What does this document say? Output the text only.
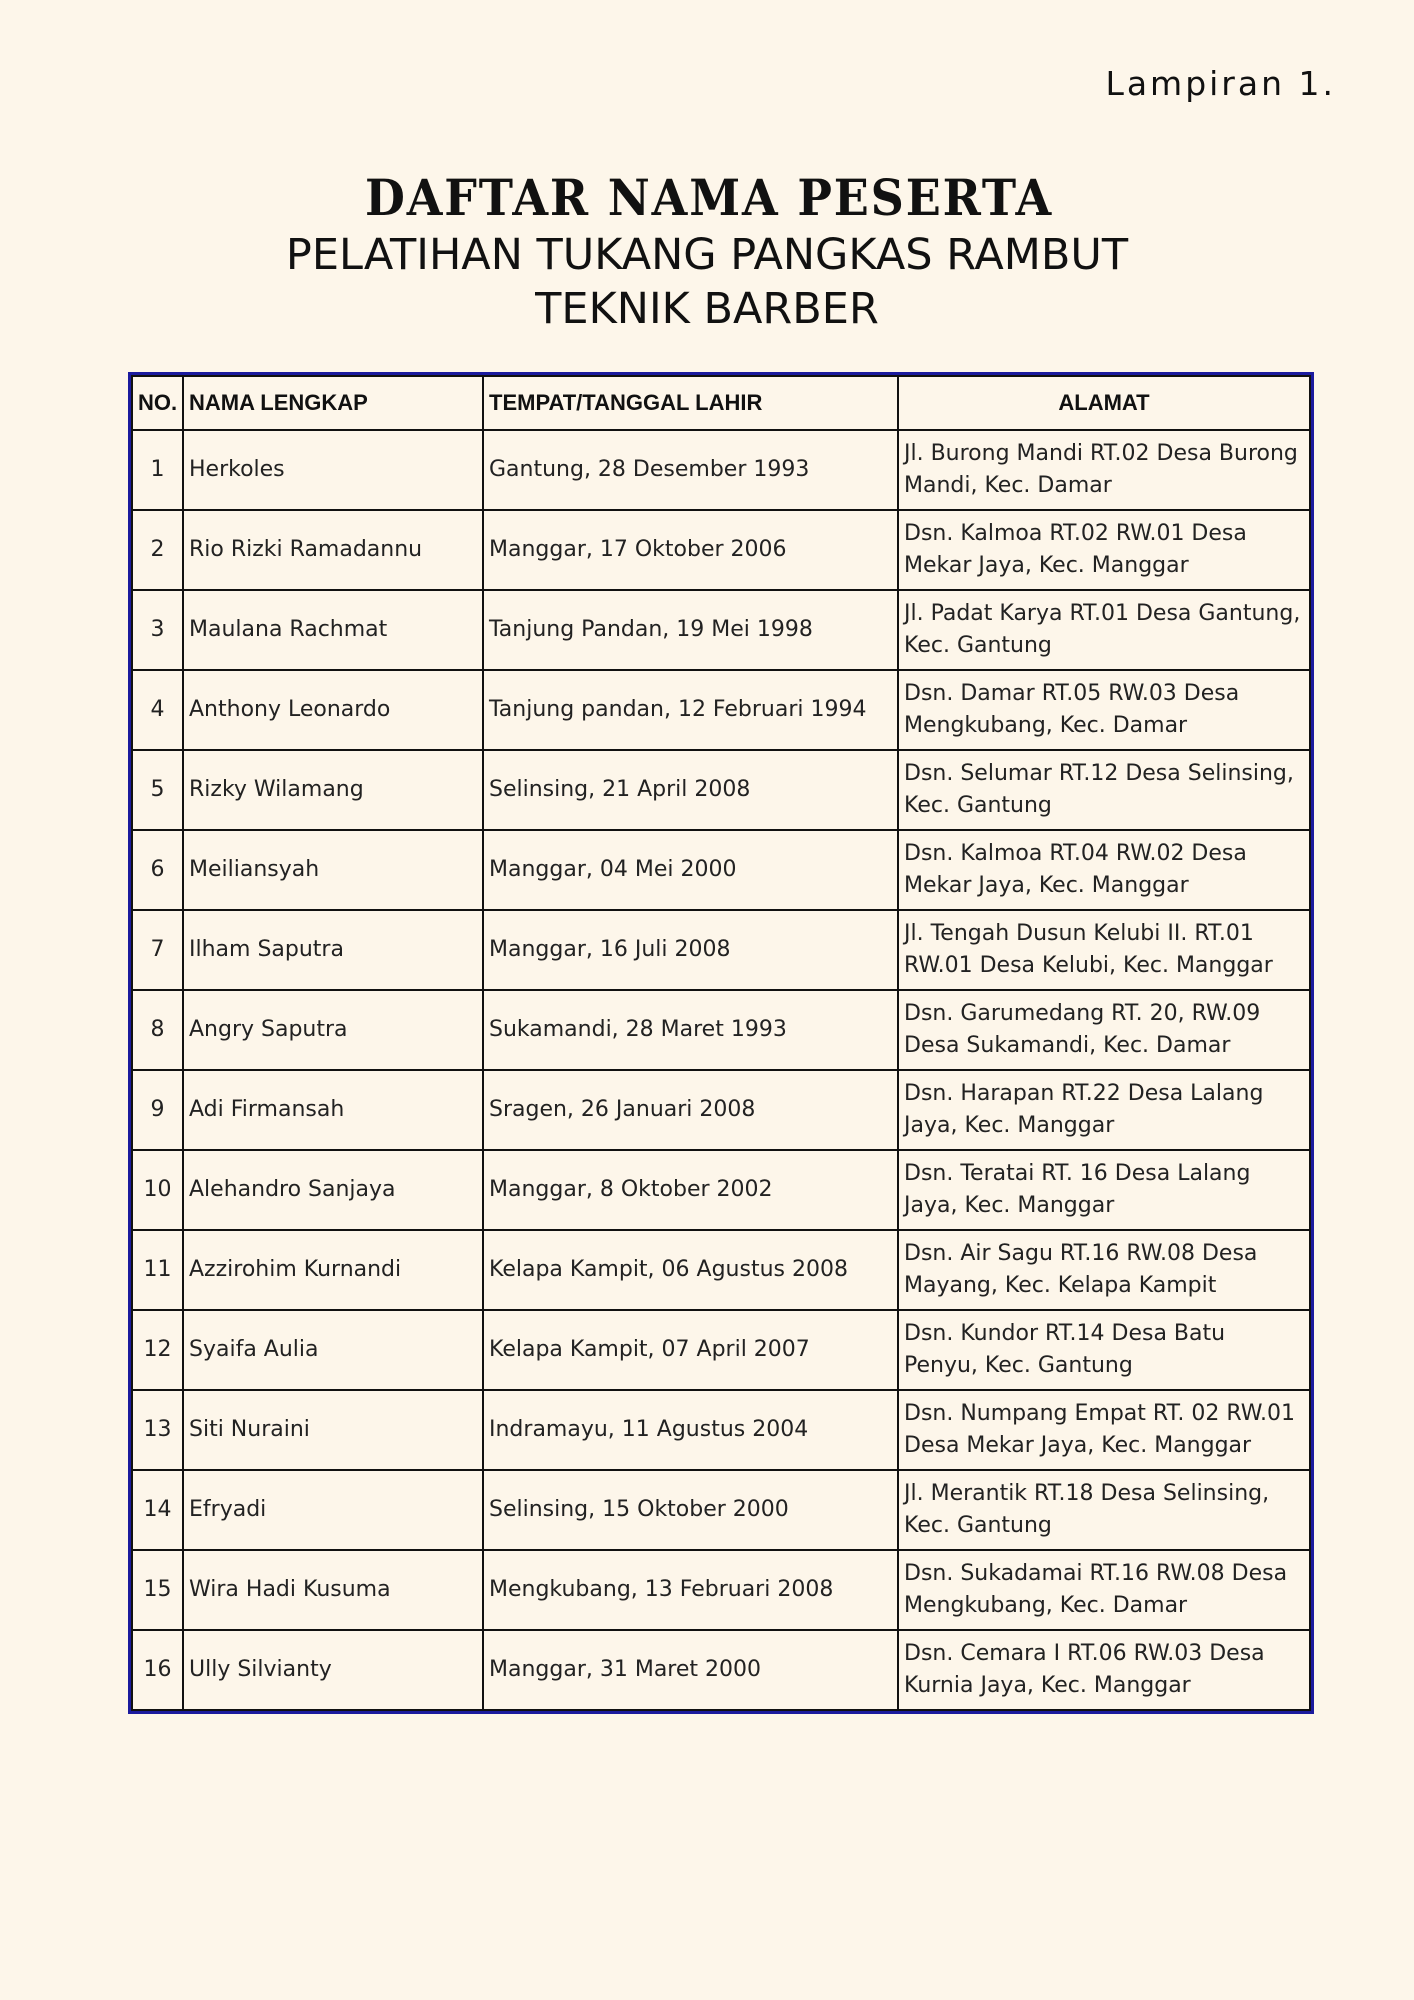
Lampiran 1.
DAFTAR NAMA PESERTA
PELATIHAN TUKANG PANGKAS RAMBUT
TEKNIK BARBER
NO.	NAMA LENGKAP	TEMPAT/TANGGAL LAHIR	ALAMAT
1	Herkoles	Gantung, 28 Desember 1993	Jl. Burong Mandi RT.02 Desa Burong Mandi, Kec. Damar
2	Rio Rizki Ramadannu	Manggar, 17 Oktober 2006	Dsn. Kalmoa RT.02 RW.01 Desa Mekar Jaya, Kec. Manggar
3	Maulana Rachmat	Tanjung Pandan, 19 Mei 1998	Jl. Padat Karya RT.01 Desa Gantung, Kec. Gantung
4	Anthony Leonardo	Tanjung pandan, 12 Februari 1994	Dsn. Damar RT.05 RW.03 Desa Mengkubang, Kec. Damar
5	Rizky Wilamang	Selinsing, 21 April 2008	Dsn. Selumar RT.12 Desa Selinsing, Kec. Gantung
6	Meiliansyah	Manggar, 04 Mei 2000	Dsn. Kalmoa RT.04 RW.02 Desa Mekar Jaya, Kec. Manggar
7	Ilham Saputra	Manggar, 16 Juli 2008	Jl. Tengah Dusun Kelubi II. RT.01 RW.01 Desa Kelubi, Kec. Manggar
8	Angry Saputra	Sukamandi, 28 Maret 1993	Dsn. Garumedang RT. 20, RW.09 Desa Sukamandi, Kec. Damar
9	Adi Firmansah	Sragen, 26 Januari 2008	Dsn. Harapan RT.22 Desa Lalang Jaya, Kec. Manggar
10	Alehandro Sanjaya	Manggar, 8 Oktober 2002	Dsn. Teratai RT. 16 Desa Lalang Jaya, Kec. Manggar
11	Azzirohim Kurnandi	Kelapa Kampit, 06 Agustus 2008	Dsn. Air Sagu RT.16 RW.08 Desa Mayang, Kec. Kelapa Kampit
12	Syaifa Aulia	Kelapa Kampit, 07 April 2007	Dsn. Kundor RT.14 Desa Batu Penyu, Kec. Gantung
13	Siti Nuraini	Indramayu, 11 Agustus 2004	Dsn. Numpang Empat RT. 02 RW.01 Desa Mekar Jaya, Kec. Manggar
14	Efryadi	Selinsing, 15 Oktober 2000	Jl. Merantik RT.18 Desa Selinsing, Kec. Gantung
15	Wira Hadi Kusuma	Mengkubang, 13 Februari 2008	Dsn. Sukadamai RT.16 RW.08 Desa Mengkubang, Kec. Damar
16	Ully Silvianty	Manggar, 31 Maret 2000	Dsn. Cemara I RT.06 RW.03 Desa Kurnia Jaya, Kec. Manggar
